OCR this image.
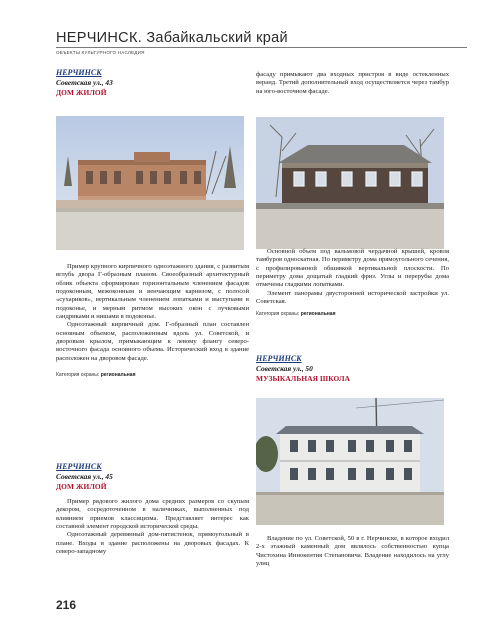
НЕРЧИНСК. Забайкальский край
ОБЪЕКТЫ КУЛЬТУРНОГО НАСЛЕДИЯ
НЕРЧИНСК
Советская ул., 43
ДОМ ЖИЛОЙ

Пример крупного кирпичного одноэтажного здания, с развитым вглубь двора Г-образным планом. Своеобразный архитектурный облик объекта сформирован горизонтальным членением фасадов подоконным, межоконным и венчающим карнизом, с полосой «сухариков», вертикальным членением лопатками и выступами в подоконье, и мерным ритмом высоких окон с лучковыми сандриками и нишами в подоконье.

Одноэтажный кирпичный дом. Г-образный план составлен основным объемом, расположенным вдоль ул. Советской, и дворовым крылом, примыкающим к левому флангу северо-восточного фасада основного объема. Исторический вход в здание расположен на дворовом фасаде.

Категория охраны: региональная
НЕРЧИНСК
Советская ул., 45
ДОМ ЖИЛОЙ

Пример рядового жилого дома средних размеров со скупым декором, сосредоточенном в наличниках, выполненных под влиянием приемов классицизма. Представляет интерес как составной элемент городской исторической среды.

Одноэтажный деревянный дом-пятистенок, прямоугольный в плане. Входы в здание расположены на дворовых фасадах. К северо-западному

фасаду примыкают два входных пристроя в виде остекленных веранд. Третий дополнительный вход осуществляется через тамбур на юго-восточном фасаде.

Основной объем под вальмовой чердачной крышей, кровля тамбуров односкатная. По периметру дома прямоугольного сечения, с профилированной обшивкой вертикальной плоскости. По периметру дома дощатый гладкий фриз. Углы и перерубы дома отмечены гладкими лопатками.

Элемент панорамы двусторонней исторической застройки ул. Советская.

Категория охраны: региональная
НЕРЧИНСК
Советская ул., 50
МУЗЫКАЛЬНАЯ ШКОЛА

Владение по ул. Советской, 50 в г. Нерчинске, в которое входил 2-х этажный каменный дом являлось собственностью купца Чистохина Иннокентия Степановича. Владение находилось на углу улиц

216
